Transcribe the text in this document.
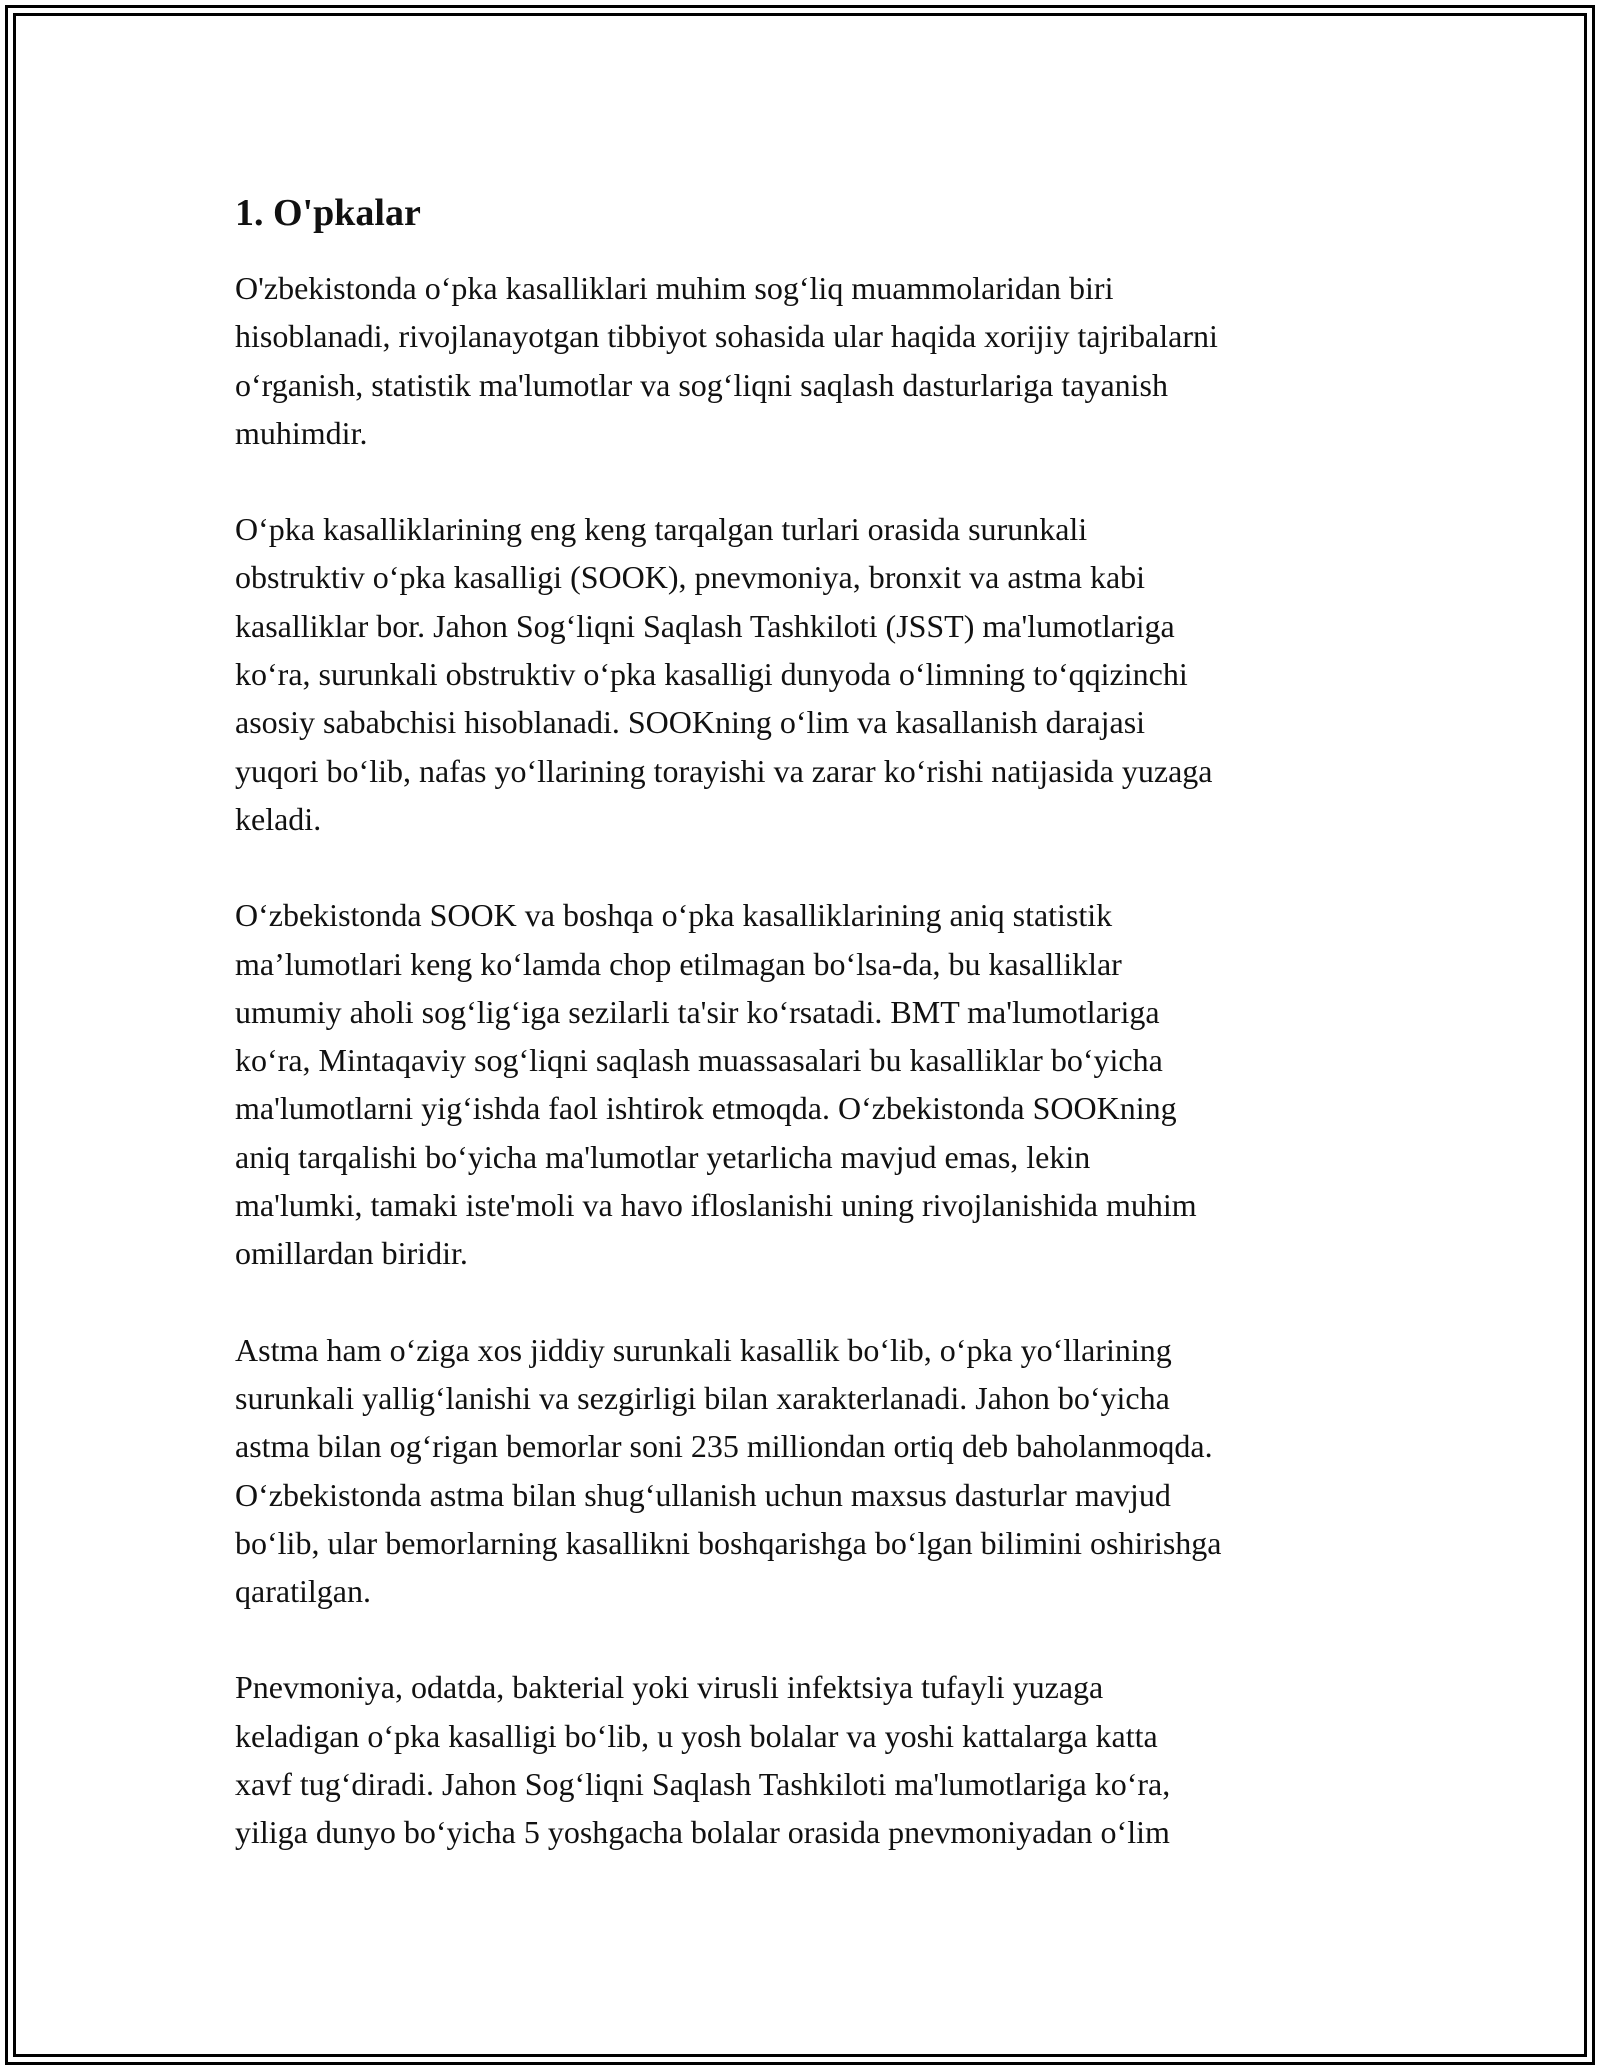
1. O'pkalar

O'zbekistonda o‘pka kasalliklari muhim sog‘liq muammolaridan biri
hisoblanadi, rivojlanayotgan tibbiyot sohasida ular haqida xorijiy tajribalarni
o‘rganish, statistik ma'lumotlar va sog‘liqni saqlash dasturlariga tayanish
muhimdir.

O‘pka kasalliklarining eng keng tarqalgan turlari orasida surunkali
obstruktiv o‘pka kasalligi (SOOK), pnevmoniya, bronxit va astma kabi
kasalliklar bor. Jahon Sog‘liqni Saqlash Tashkiloti (JSST) ma'lumotlariga
ko‘ra, surunkali obstruktiv o‘pka kasalligi dunyoda o‘limning to‘qqizinchi
asosiy sababchisi hisoblanadi. SOOKning o‘lim va kasallanish darajasi
yuqori bo‘lib, nafas yo‘llarining torayishi va zarar ko‘rishi natijasida yuzaga
keladi.

O‘zbekistonda SOOK va boshqa o‘pka kasalliklarining aniq statistik
ma’lumotlari keng ko‘lamda chop etilmagan bo‘lsa-da, bu kasalliklar
umumiy aholi sog‘lig‘iga sezilarli ta'sir ko‘rsatadi. BMT ma'lumotlariga
ko‘ra, Mintaqaviy sog‘liqni saqlash muassasalari bu kasalliklar bo‘yicha
ma'lumotlarni yig‘ishda faol ishtirok etmoqda. O‘zbekistonda SOOKning
aniq tarqalishi bo‘yicha ma'lumotlar yetarlicha mavjud emas, lekin
ma'lumki, tamaki iste'moli va havo ifloslanishi uning rivojlanishida muhim
omillardan biridir.

Astma ham o‘ziga xos jiddiy surunkali kasallik bo‘lib, o‘pka yo‘llarining
surunkali yallig‘lanishi va sezgirligi bilan xarakterlanadi. Jahon bo‘yicha
astma bilan og‘rigan bemorlar soni 235 milliondan ortiq deb baholanmoqda.
O‘zbekistonda astma bilan shug‘ullanish uchun maxsus dasturlar mavjud
bo‘lib, ular bemorlarning kasallikni boshqarishga bo‘lgan bilimini oshirishga
qaratilgan.

Pnevmoniya, odatda, bakterial yoki virusli infektsiya tufayli yuzaga
keladigan o‘pka kasalligi bo‘lib, u yosh bolalar va yoshi kattalarga katta
xavf tug‘diradi. Jahon Sog‘liqni Saqlash Tashkiloti ma'lumotlariga ko‘ra,
yiliga dunyo bo‘yicha 5 yoshgacha bolalar orasida pnevmoniyadan o‘lim
